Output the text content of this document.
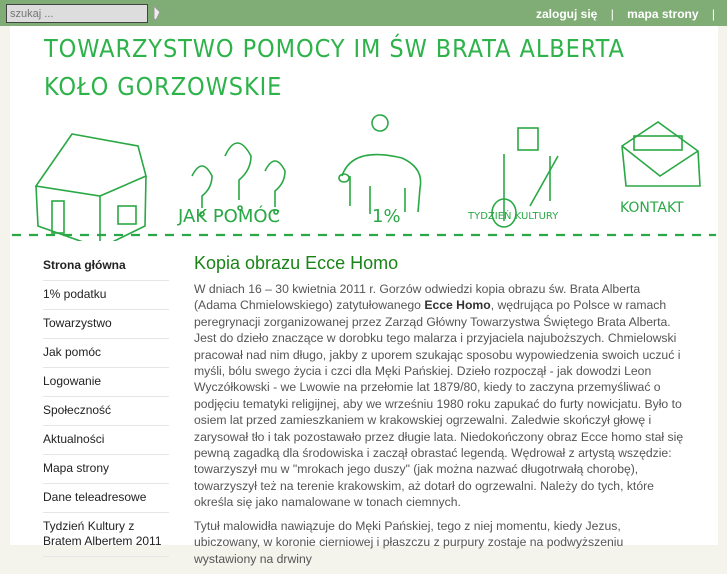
szukaj ...
zaloguj się | mapa strony |
TOWARZYSTWO POMOCY IM ŚW BRATA ALBERTA
KOŁO GORZOWSKIE
JAK POMÓC	1%	TYDZIEŃ KULTURY
KONTAKT
Strona główna
1% podatku
Towarzystwo
Jak pomóc
Logowanie
Społeczność
Aktualności
Mapa strony
Dane teleadresowe
Tydzień Kultury z Bratem Albertem 2011
Kopia obrazu Ecce Homo

W dniach 16 – 30 kwietnia 2011 r. Gorzów odwiedzi kopia obrazu św. Brata Alberta (Adama Chmielowskiego) zatytułowanego Ecce Homo, wędrująca po Polsce w ramach peregrynacji zorganizowanej przez Zarząd Główny Towarzystwa Świętego Brata Alberta. Jest do dzieło znaczące w dorobku tego malarza i przyjaciela najuboższych. Chmielowski pracował nad nim długo, jakby z uporem szukając sposobu wypowiedzenia swoich uczuć i myśli, bólu swego życia i czci dla Męki Pańskiej. Dzieło rozpoczął - jak dowodzi Leon Wyczółkowski - we Lwowie na przełomie lat 1879/80, kiedy to zaczyna przemyśliwać o podjęciu tematyki religijnej, aby we wrześniu 1980 roku zapukać do furty nowicjatu. Było to osiem lat przed zamieszkaniem w krakowskiej ogrzewalni. Zaledwie skończył głowę i zarysował tło i tak pozostawało przez długie lata. Niedokończony obraz Ecce homo stał się pewną zagadką dla środowiska i zaczął obrastać legendą. Wędrował z artystą wszędzie: towarzyszył mu w "mrokach jego duszy" (jak można nazwać długotrwałą chorobę), towarzyszył też na terenie krakowskim, aż dotarł do ogrzewalni. Należy do tych, które określa się jako namalowane w tonach ciemnych.

Tytuł malowidła nawiązuje do Męki Pańskiej, tego z niej momentu, kiedy Jezus, ubiczowany, w koronie cierniowej i płaszczu z purpury zostaje na podwyższeniu wystawiony na drwiny
